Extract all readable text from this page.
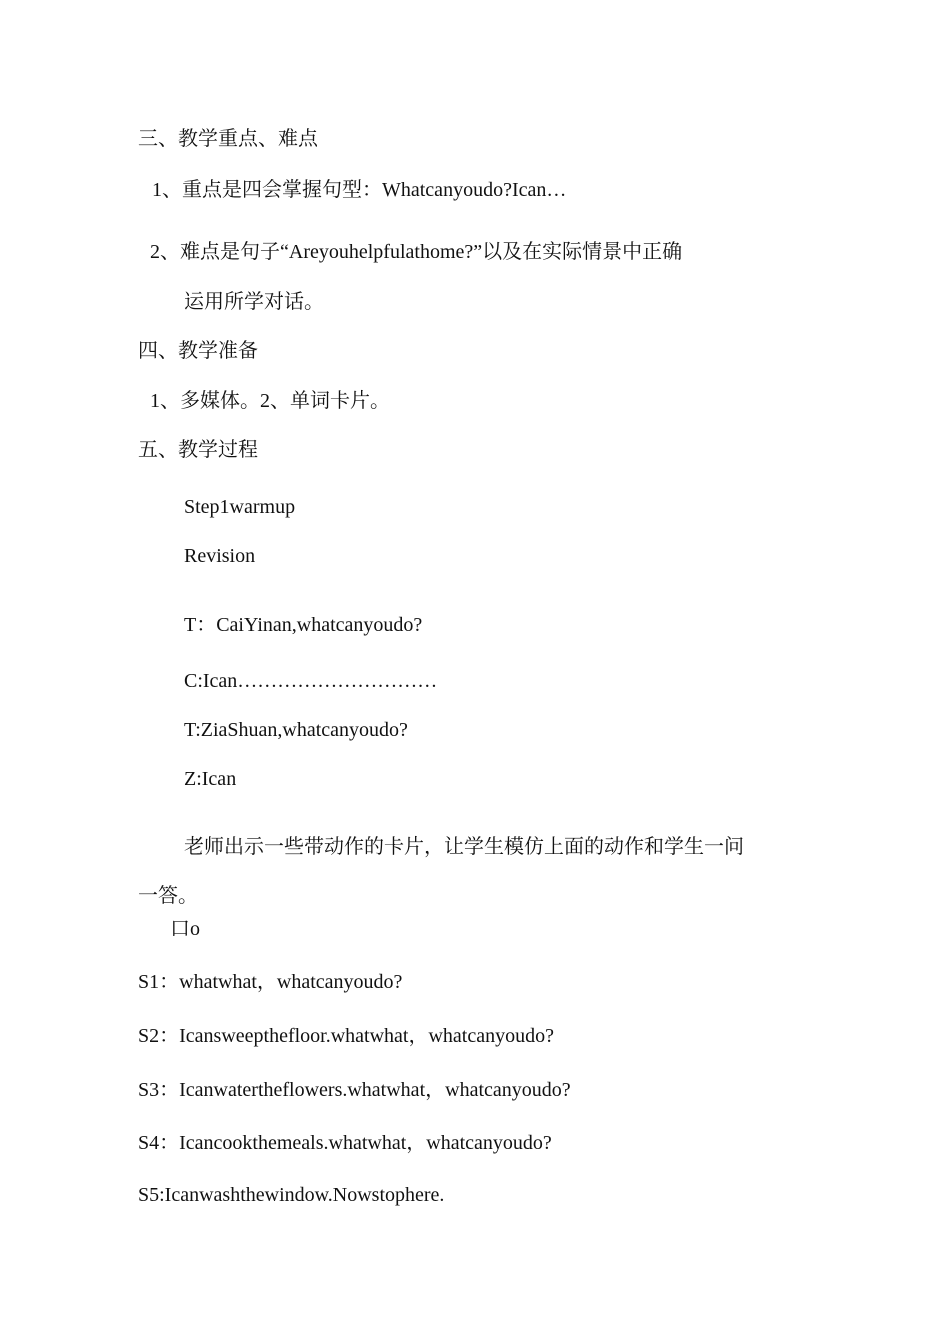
三、教学重点、难点
1、重点是四会掌握句型：Whatcanyoudo?Ican…
2、难点是句子“Areyouhelpfulathome?”以及在实际情景中正确
运用所学对话。
四、教学准备
1、多媒体。2、单词卡片。
五、教学过程
Step1warmup
Revision
T：CaiYinan,whatcanyoudo?
C:Ican…………………………
T:ZiaShuan,whatcanyoudo?
Z:Ican
老师出示一些带动作的卡片，让学生模仿上面的动作和学生一问
一答。
口o
S1：whatwhat，whatcanyoudo?
S2：Icansweepthefloor.whatwhat，whatcanyoudo?
S3：Icanwatertheflowers.whatwhat，whatcanyoudo?
S4：Icancookthemeals.whatwhat，whatcanyoudo?
S5:Icanwashthewindow.Nowstophere.
